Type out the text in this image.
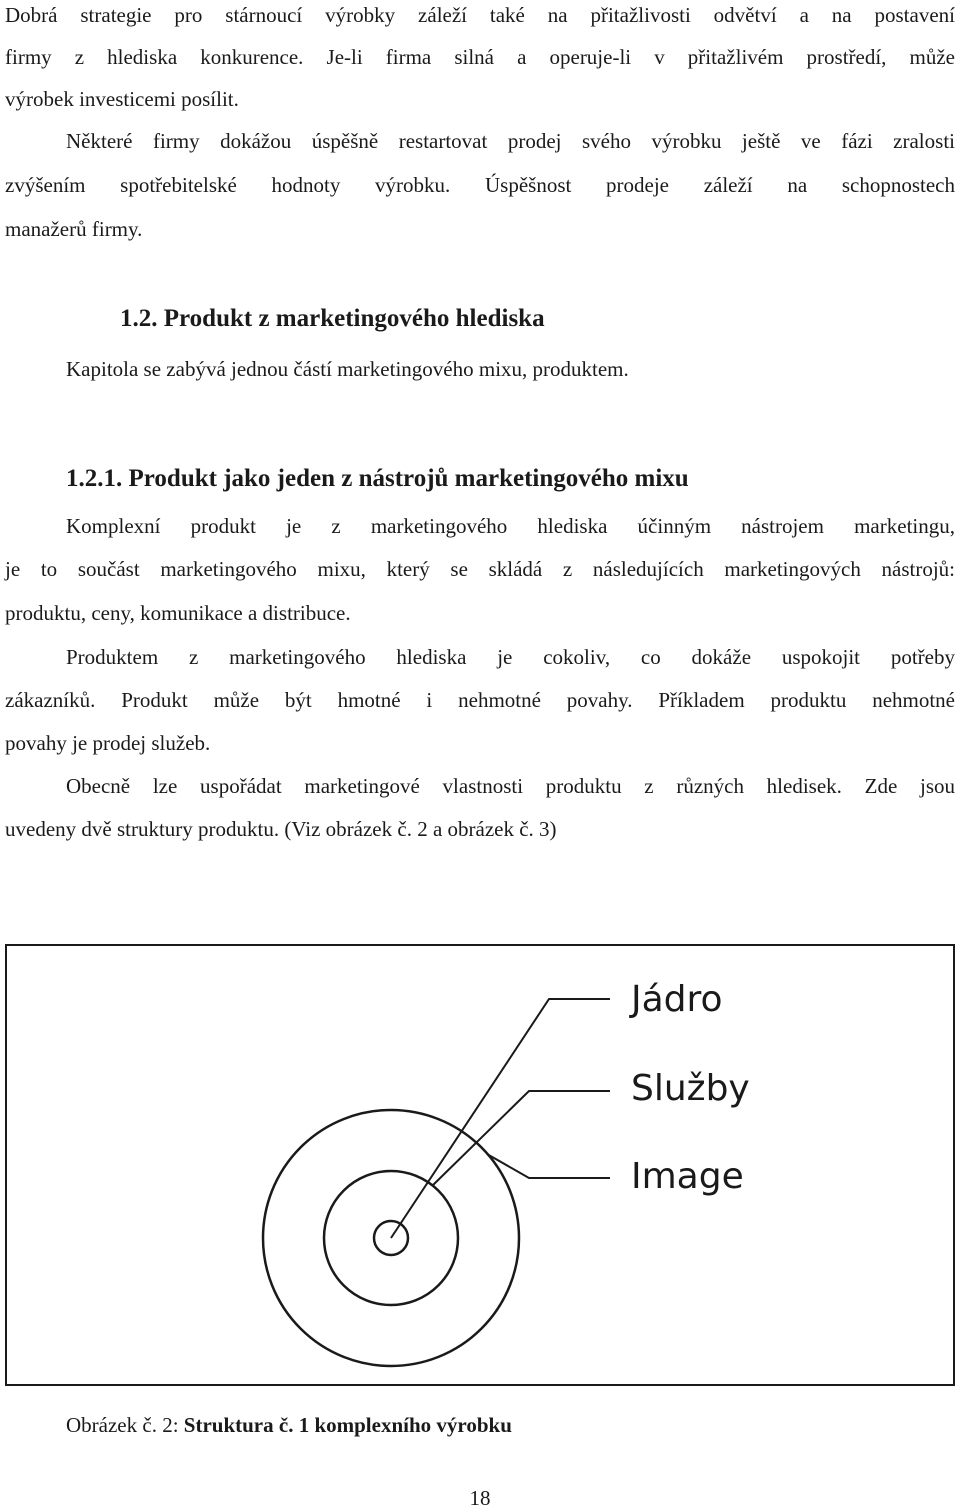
Dobrá strategie pro stárnoucí výrobky záleží také na přitažlivosti odvětví a na postavení
firmy z hlediska konkurence. Je-li firma silná a operuje-li v přitažlivém prostředí, může
výrobek investicemi posílit.
Některé firmy dokážou úspěšně restartovat prodej svého výrobku ještě ve fázi zralosti
zvýšením spotřebitelské hodnoty výrobku. Úspěšnost prodeje záleží na schopnostech
manažerů firmy.
1.2. Produkt z marketingového hlediska
Kapitola se zabývá jednou částí marketingového mixu, produktem.
1.2.1. Produkt jako jeden z nástrojů marketingového mixu
Komplexní produkt je z marketingového hlediska účinným nástrojem marketingu,
je to součást marketingového mixu, který se skládá z následujících marketingových nástrojů:
produktu, ceny, komunikace a distribuce.
Produktem z marketingového hlediska je cokoliv, co dokáže uspokojit potřeby
zákazníků. Produkt může být hmotné i nehmotné povahy. Příkladem produktu nehmotné
povahy je prodej služeb.
Obecně lze uspořádat marketingové vlastnosti produktu z různých hledisek. Zde jsou
uvedeny dvě struktury produktu. (Viz obrázek č. 2 a obrázek č. 3)
Jádro
Služby
Image
Obrázek č. 2: Struktura č. 1 komplexního výrobku
18
